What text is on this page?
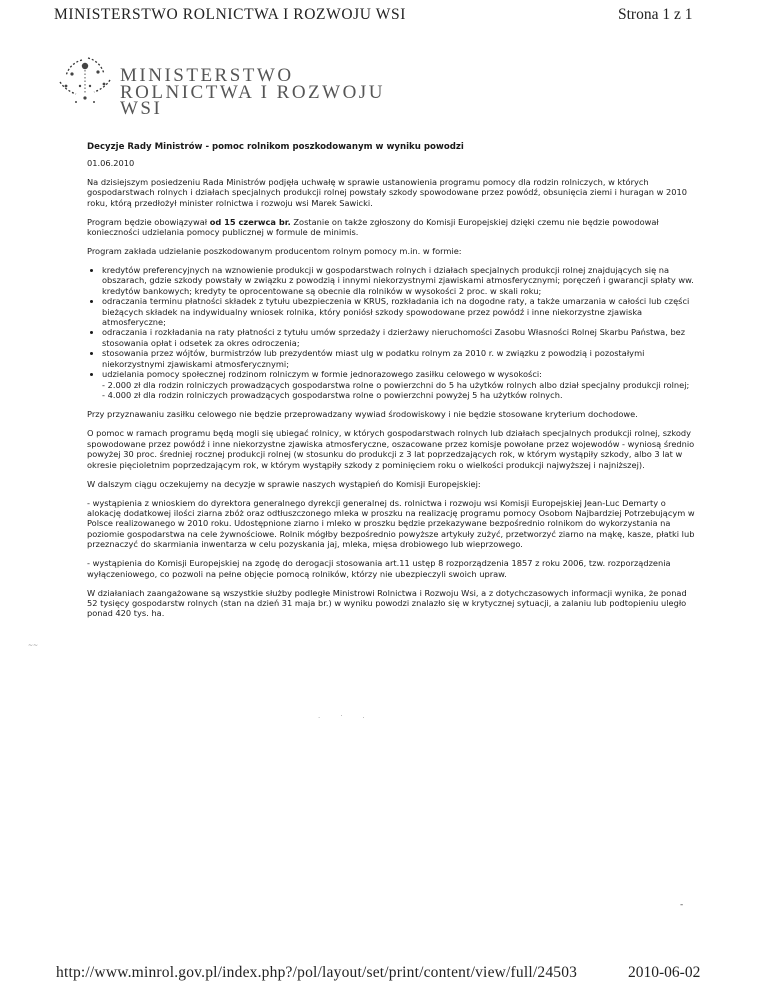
MINISTERSTWO ROLNICTWA I ROZWOJU WSI	Strona 1 z 1
MINISTERSTWO
ROLNICTWA I ROZWOJU
WSI
Decyzje Rady Ministrów - pomoc rolnikom poszkodowanym w wyniku powodzi
01.06.2010

Na dzisiejszym posiedzeniu Rada Ministrów podjęła uchwałę w sprawie ustanowienia programu pomocy dla rodzin rolniczych, w których gospodarstwach rolnych i działach specjalnych produkcji rolnej powstały szkody spowodowane przez powódź, obsunięcia ziemi i huragan w 2010 roku, którą przedłożył minister rolnictwa i rozwoju wsi Marek Sawicki.

Program będzie obowiązywał od 15 czerwca br. Zostanie on także zgłoszony do Komisji Europejskiej dzięki czemu nie będzie powodował konieczności udzielania pomocy publicznej w formule de minimis.

Program zakłada udzielanie poszkodowanym producentom rolnym pomocy m.in. w formie:

• kredytów preferencyjnych na wznowienie produkcji w gospodarstwach rolnych i działach specjalnych produkcji rolnej znajdujących się na obszarach, gdzie szkody powstały w związku z powodzią i innymi niekorzystnymi zjawiskami atmosferycznymi; poręczeń i gwarancji spłaty ww. kredytów bankowych; kredyty te oprocentowane są obecnie dla rolników w wysokości 2 proc. w skali roku;
• odraczania terminu płatności składek z tytułu ubezpieczenia w KRUS, rozkładania ich na dogodne raty, a także umarzania w całości lub części bieżących składek na indywidualny wniosek rolnika, który poniósł szkody spowodowane przez powódź i inne niekorzystne zjawiska atmosferyczne;
• odraczania i rozkładania na raty płatności z tytułu umów sprzedaży i dzierżawy nieruchomości Zasobu Własności Rolnej Skarbu Państwa, bez stosowania opłat i odsetek za okres odroczenia;
• stosowania przez wójtów, burmistrzów lub prezydentów miast ulg w podatku rolnym za 2010 r. w związku z powodzią i pozostałymi niekorzystnymi zjawiskami atmosferycznymi;
• udzielania pomocy społecznej rodzinom rolniczym w formie jednorazowego zasiłku celowego w wysokości:
- 2.000 zł dla rodzin rolniczych prowadzących gospodarstwa rolne o powierzchni do 5 ha użytków rolnych albo dział specjalny produkcji rolnej;
- 4.000 zł dla rodzin rolniczych prowadzących gospodarstwa rolne o powierzchni powyżej 5 ha użytków rolnych.

Przy przyznawaniu zasiłku celowego nie będzie przeprowadzany wywiad środowiskowy i nie będzie stosowane kryterium dochodowe.

O pomoc w ramach programu będą mogli się ubiegać rolnicy, w których gospodarstwach rolnych lub działach specjalnych produkcji rolnej, szkody spowodowane przez powódź i inne niekorzystne zjawiska atmosferyczne, oszacowane przez komisje powołane przez wojewodów - wyniosą średnio powyżej 30 proc. średniej rocznej produkcji rolnej (w stosunku do produkcji z 3 lat poprzedzających rok, w którym wystąpiły szkody, albo 3 lat w okresie pięcioletnim poprzedzającym rok, w którym wystąpiły szkody z pominięciem roku o wielkości produkcji najwyższej i najniższej).

W dalszym ciągu oczekujemy na decyzje w sprawie naszych wystąpień do Komisji Europejskiej:

- wystąpienia z wnioskiem do dyrektora generalnego dyrekcji generalnej ds. rolnictwa i rozwoju wsi Komisji Europejskiej Jean-Luc Demarty o alokację dodatkowej ilości ziarna zbóż oraz odtłuszczonego mleka w proszku na realizację programu pomocy Osobom Najbardziej Potrzebującym w Polsce realizowanego w 2010 roku. Udostępnione ziarno i mleko w proszku będzie przekazywane bezpośrednio rolnikom do wykorzystania na poziomie gospodarstwa na cele żywnościowe. Rolnik mógłby bezpośrednio powyższe artykuły zużyć, przetworzyć ziarno na mąkę, kasze, płatki lub przeznaczyć do skarmiania inwentarza w celu pozyskania jaj, mleka, mięsa drobiowego lub wieprzowego.

- wystąpienia do Komisji Europejskiej na zgodę do derogacji stosowania art.11 ustęp 8 rozporządzenia 1857 z roku 2006, tzw. rozporządzenia wyłączeniowego, co pozwoli na pełne objęcie pomocą rolników, którzy nie ubezpieczyli swoich upraw.

W działaniach zaangażowane są wszystkie służby podległe Ministrowi Rolnictwa i Rozwoju Wsi, a z dotychczasowych informacji wynika, że ponad 52 tysięcy gospodarstw rolnych (stan na dzień 31 maja br.) w wyniku powodzi znalazło się w krytycznej sytuacji, a zalaniu lub podtopieniu uległo ponad 420 tys. ha.

~~
.·.
-
http://www.minrol.gov.pl/index.php?/pol/layout/set/print/content/view/full/24503	2010-06-02
